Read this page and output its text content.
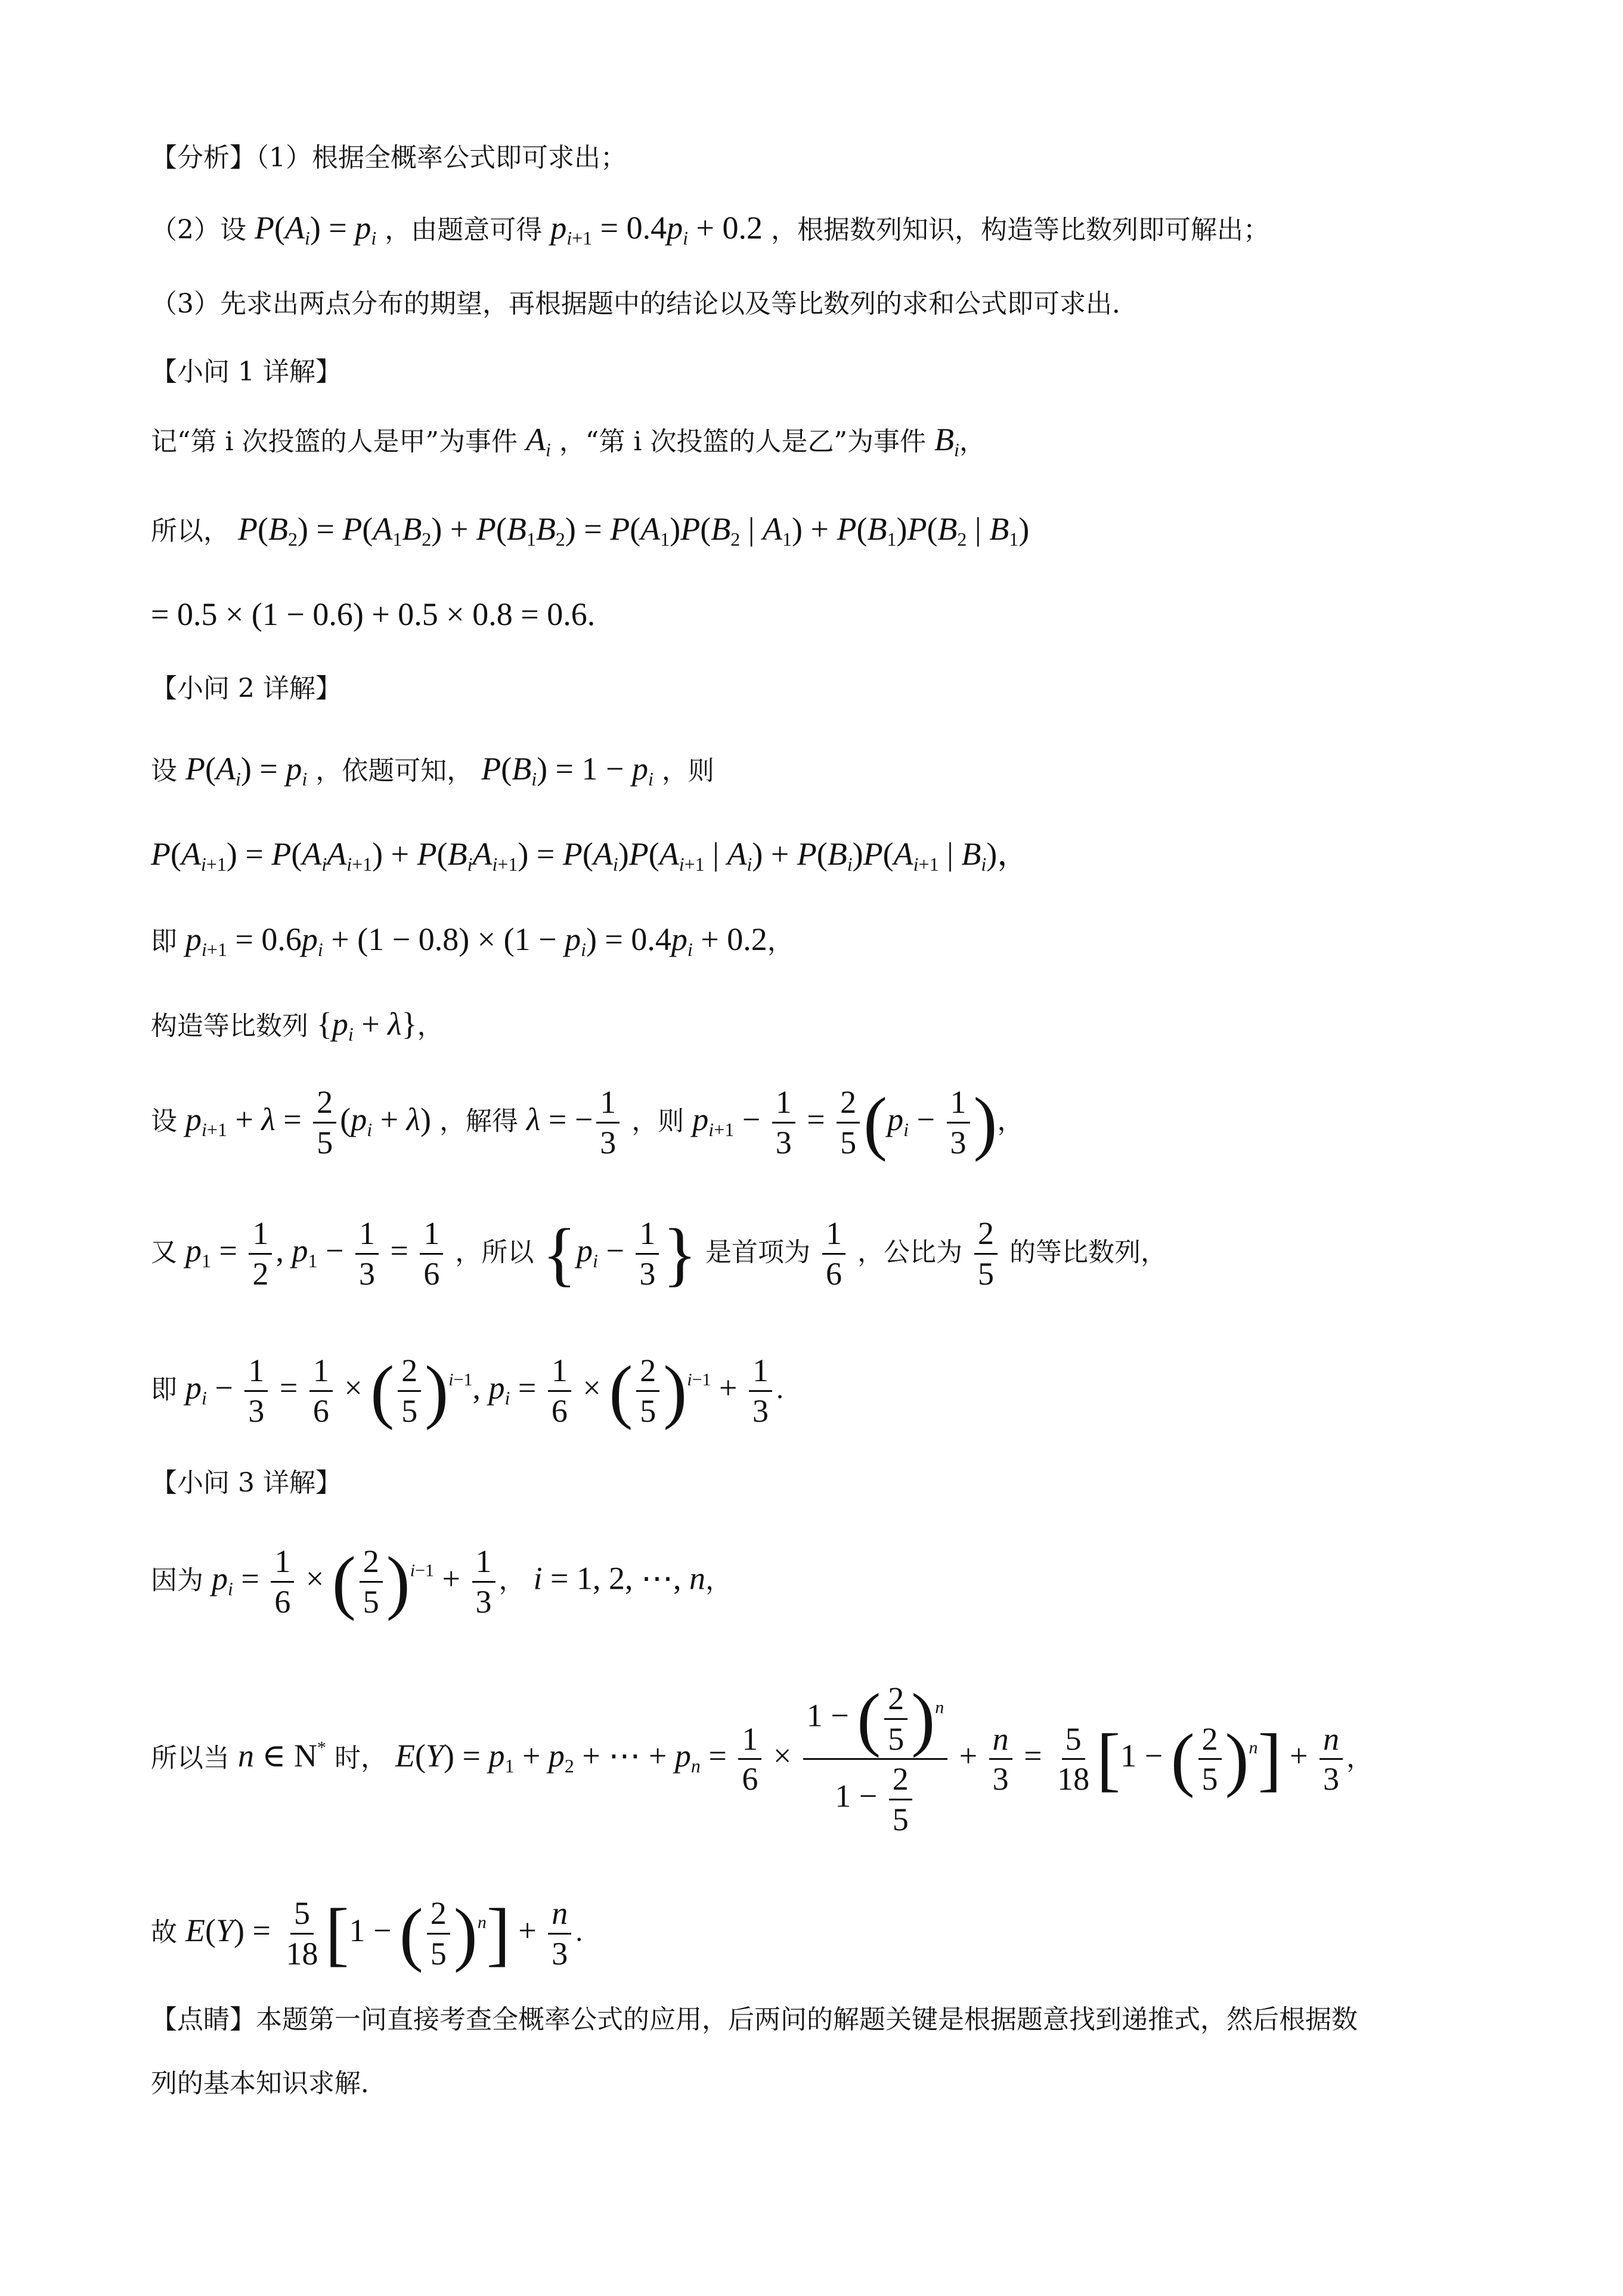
【分析】（1）根据全概率公式即可求出；
（2）设 $P(A_i) = p_i$ ，由题意可得 $p_{i+1} = 0.4p_i + 0.2$ ，根据数列知识，构造等比数列即可解出；
（3）先求出两点分布的期望，再根据题中的结论以及等比数列的求和公式即可求出．
【小问 1 详解】
记“第 i 次投篮的人是甲”为事件 $A_i$ ，“第 i 次投篮的人是乙”为事件 $B_i$，
所以， $P(B_2) = P(A_1B_2) + P(B_1B_2) = P(A_1)P(B_2$ | $A_1) + P(B_1)P(B_2$ | $B_1$)
= 0.5 × (1 − 0.6) + 0.5 × 0.8 = 0.6.
【小问 2 详解】
设 $P(A_i) = p_i$ ，依题可知， $P(B_i) = 1 - p_i$ ，则
$P(A_{i+1}) = P(A_iA_{i+1}) + P(B_iA_{i+1}) = P(A_i)P(A_{i+1}$ | $A_i) + P(B_i)P(A_{i+1}$ | $B_i$)，
即 $p_{i+1} = 0.6p_i + (1 - 0.8) \times (1 - p_i) = 0.4p_i + 0.2$，
构造等比数列 $\{p_i + \lambda\}$，
设 $p_{i+1} + \lambda = \frac{2}{5} (p_i + \lambda)$ ，解得 λ = − $\frac{1}{3}$ ，则 $p_{i+1} - \frac{1}{3} = \frac{2}{5} (p_i - \frac{1}{3}$ )，
又 $p_1 = \frac{1}{2}$ , $p_1 - \frac{1}{3} = \frac{1}{6}$ ，所以 {$p_i - \frac{1}{3}$ } 是首项为 $\frac{1}{6}$ ，公比为 $\frac{2}{5}$ 的等比数列，
即 $p_i - \frac{1}{3} = \frac{1}{6}$ × ( $\frac{2}{5} )^{i-1}$, $p_i = \frac{1}{6}$ × ( $\frac{2}{5} )^{i-1} + \frac{1}{3}$ .
【小问 3 详解】
因为 $p_i = \frac{1}{6}$ × ( $\frac{2}{5} )^{i-1} + \frac{1}{3}$ ， i = 1, 2, ⋯, n，
所以当 n ∈ N* 时， $E(Y) = p_1 + p_2$ + ⋯ + $p_n = \frac{1}{6} \times \frac{1 - ( \frac{2}{5} )^n}{1 - \frac{2}{5}} + \frac{n}{3} = \frac{5}{18} [1$ − ( $\frac{2}{5} )^n] + \frac{n}{3}$ ，
故 $E(Y) = \frac{5}{18} [1$ − ( $\frac{2}{5} )^n] + \frac{n}{3}$ .
【点睛】本题第一问直接考查全概率公式的应用，后两问的解题关键是根据题意找到递推式，然后根据数
列的基本知识求解．
